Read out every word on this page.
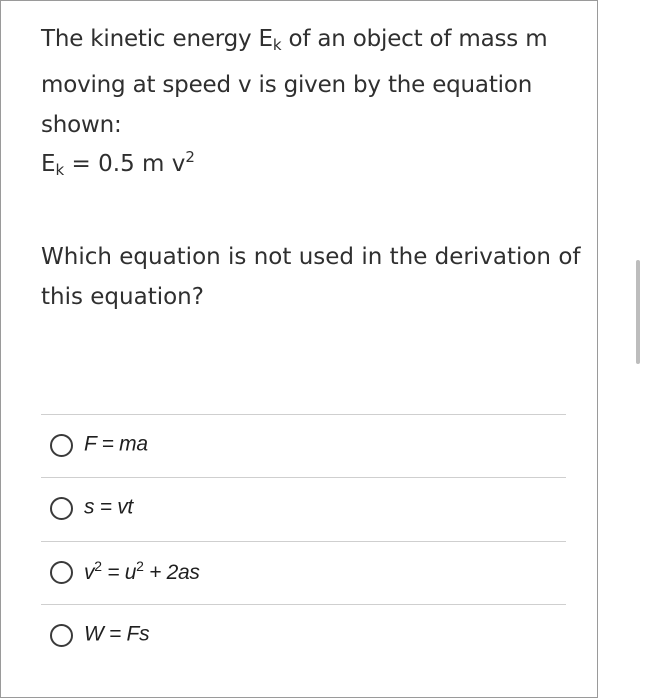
The kinetic energy $E_k$ of an object of mass m moving at speed v is given by the equation shown:

$E_k = 0.5$ m $v^2$
Which equation is not used in the derivation of this equation?
F = ma
s = vt
$v^2 = u^2 + 2as$
W = Fs
